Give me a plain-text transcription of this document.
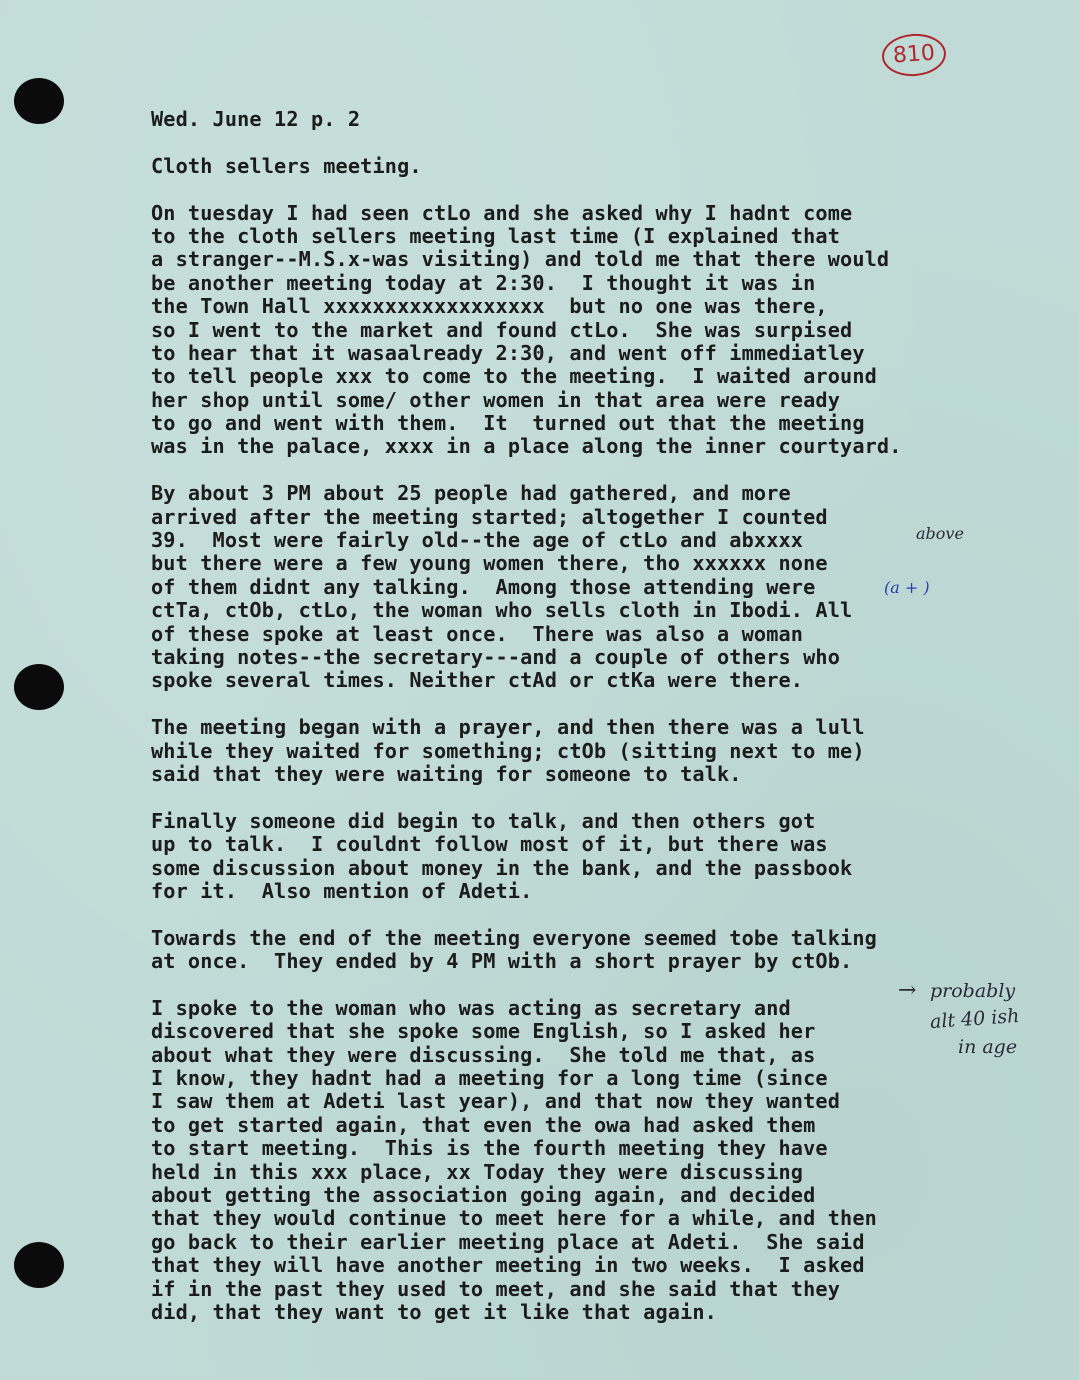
810
Wed. June 12 p. 2
Cloth sellers meeting.
On tuesday I had seen ctLo and she asked why I hadnt come
to the cloth sellers meeting last time (I explained that
a stranger--M.S.x-was visiting) and told me that there would
be another meeting today at 2:30.  I thought it was in
the Town Hall xxxxxxxxxxxxxxxxxx  but no one was there,
so I went to the market and found ctLo.  She was surpised
to hear that it wasaalready 2:30, and went off immediatley
to tell people xxx to come to the meeting.  I waited around
her shop until some/ other women in that area were ready
to go and went with them.  It  turned out that the meeting
was in the palace, xxxx in a place along the inner courtyard.
By about 3 PM about 25 people had gathered, and more
arrived after the meeting started; altogether I counted
39.  Most were fairly old--the age of ctLo and abxxxx
but there were a few young women there, tho xxxxxx none
of them didnt any talking.  Among those attending were
ctTa, ctOb, ctLo, the woman who sells cloth in Ibodi. All
of these spoke at least once.  There was also a woman
taking notes--the secretary---and a couple of others who
spoke several times. Neither ctAd or ctKa were there.
The meeting began with a prayer, and then there was a lull
while they waited for something; ctOb (sitting next to me)
said that they were waiting for someone to talk.
Finally someone did begin to talk, and then others got
up to talk.  I couldnt follow most of it, but there was
some discussion about money in the bank, and the passbook
for it.  Also mention of Adeti.
Towards the end of the meeting everyone seemed tobe talking
at once.  They ended by 4 PM with a short prayer by ctOb.
I spoke to the woman who was acting as secretary and
discovered that she spoke some English, so I asked her
about what they were discussing.  She told me that, as
I know, they hadnt had a meeting for a long time (since
I saw them at Adeti last year), and that now they wanted
to get started again, that even the owa had asked them
to start meeting.  This is the fourth meeting they have
held in this xxx place, xx Today they were discussing
about getting the association going again, and decided
that they would continue to meet here for a while, and then
go back to their earlier meeting place at Adeti.  She said
that they will have another meeting in two weeks.  I asked
if in the past they used to meet, and she said that they
did, that they want to get it like that again.
above
→ probably
alt 40 ish
in age
(a + )
